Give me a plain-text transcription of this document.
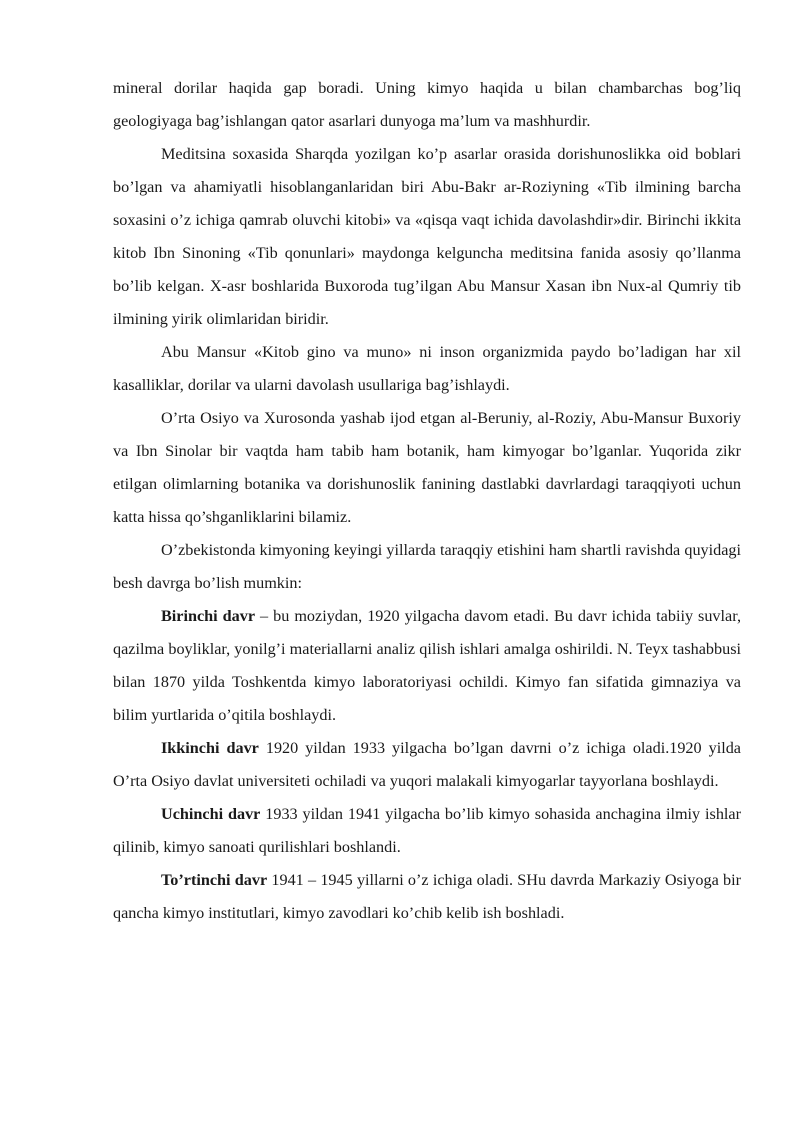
mineral dorilar haqida gap boradi. Uning kimyo haqida u bilan chambarchas bog’liq geologiyaga bag’ishlangan qator asarlari dunyoga ma’lum va mashhurdir.

Meditsina soxasida Sharqda yozilgan ko’p asarlar orasida dorishunoslikka oid boblari bo’lgan va ahamiyatli hisoblanganlaridan biri Abu-Bakr ar-Roziyning «Tib ilmining barcha soxasini o’z ichiga qamrab oluvchi kitobi» va «qisqa vaqt ichida davolashdir»dir. Birinchi ikkita kitob Ibn Sinoning «Tib qonunlari» maydonga kelguncha meditsina fanida asosiy qo’llanma bo’lib kelgan. X-asr boshlarida Buxoroda tug’ilgan Abu Mansur Xasan ibn Nux-al Qumriy tib ilmining yirik olimlaridan biridir.

Abu Mansur «Kitob gino va muno» ni inson organizmida paydo bo’ladigan har xil kasalliklar, dorilar va ularni davolash usullariga bag’ishlaydi.

O’rta Osiyo va Xurosonda yashab ijod etgan al-Beruniy, al-Roziy, Abu-Mansur Buxoriy va Ibn Sinolar bir vaqtda ham tabib ham botanik, ham kimyogar bo’lganlar. Yuqorida zikr etilgan olimlarning botanika va dorishunoslik fanining dastlabki davrlardagi taraqqiyoti uchun katta hissa qo’shganliklarini bilamiz.

O’zbekistonda kimyoning keyingi yillarda taraqqiy etishini ham shartli ravishda quyidagi besh davrga bo’lish mumkin:

Birinchi davr – bu moziydan, 1920 yilgacha davom etadi. Bu davr ichida tabiiy suvlar, qazilma boyliklar, yonilg’i materiallarni analiz qilish ishlari amalga oshirildi. N. Teyx tashabbusi bilan 1870 yilda Toshkentda kimyo laboratoriyasi ochildi. Kimyo fan sifatida gimnaziya va bilim yurtlarida o’qitila boshlaydi.

Ikkinchi davr 1920 yildan 1933 yilgacha bo’lgan davrni o’z ichiga oladi.1920 yilda O’rta Osiyo davlat universiteti ochiladi va yuqori malakali kimyogarlar tayyorlana boshlaydi.

Uchinchi davr 1933 yildan 1941 yilgacha bo’lib kimyo sohasida anchagina ilmiy ishlar qilinib, kimyo sanoati qurilishlari boshlandi.

To’rtinchi davr 1941 – 1945 yillarni o’z ichiga oladi. SHu davrda Markaziy Osiyoga bir qancha kimyo institutlari, kimyo zavodlari ko’chib kelib ish boshladi.
